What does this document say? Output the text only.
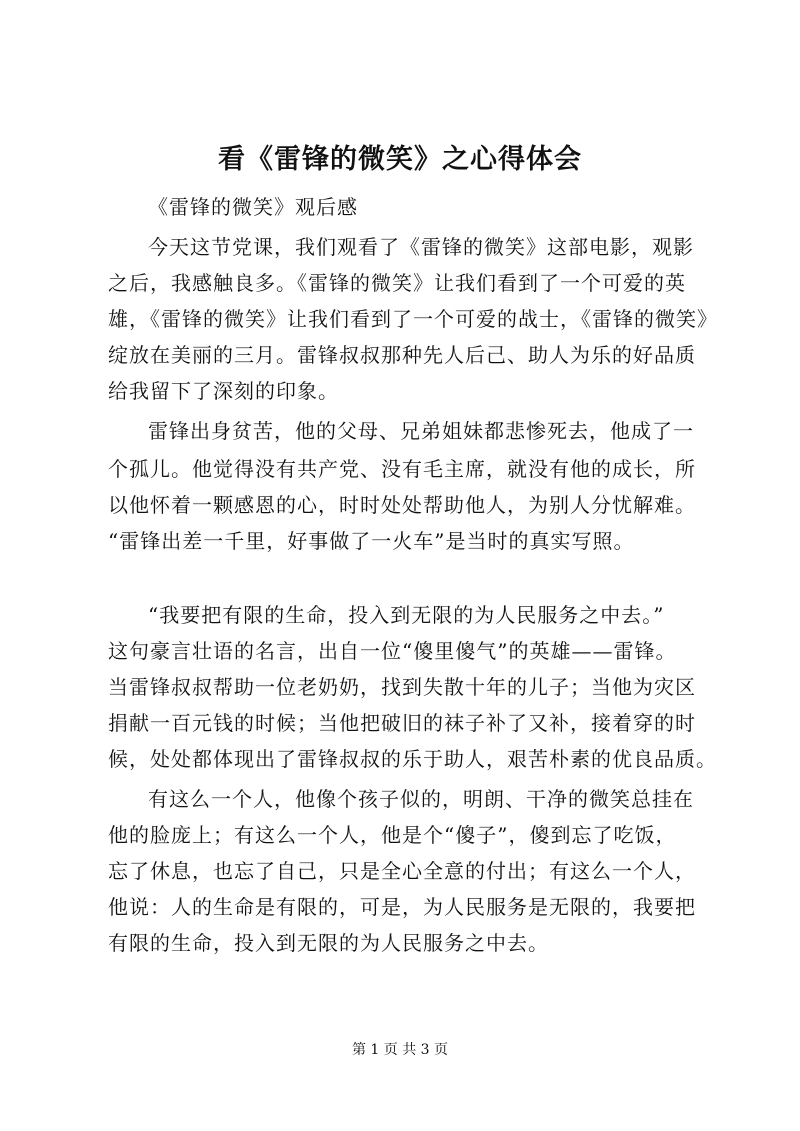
看《雷锋的微笑》之心得体会
《雷锋的微笑》观后感
今天这节党课，我们观看了《雷锋的微笑》这部电影，观影
之后，我感触良多。《雷锋的微笑》让我们看到了一个可爱的英
雄，《雷锋的微笑》让我们看到了一个可爱的战士，《雷锋的微笑》
绽放在美丽的三月。雷锋叔叔那种先人后己、助人为乐的好品质
给我留下了深刻的印象。
雷锋出身贫苦，他的父母、兄弟姐妹都悲惨死去，他成了一
个孤儿。他觉得没有共产党、没有毛主席，就没有他的成长，所
以他怀着一颗感恩的心，时时处处帮助他人，为别人分忧解难。
“雷锋出差一千里，好事做了一火车”是当时的真实写照。
“我要把有限的生命，投入到无限的为人民服务之中去。”
这句豪言壮语的名言，出自一位“傻里傻气”的英雄——雷锋。
当雷锋叔叔帮助一位老奶奶，找到失散十年的儿子；当他为灾区
捐献一百元钱的时候；当他把破旧的袜子补了又补，接着穿的时
候，处处都体现出了雷锋叔叔的乐于助人，艰苦朴素的优良品质。
有这么一个人，他像个孩子似的，明朗、干净的微笑总挂在
他的脸庞上；有这么一个人，他是个“傻子”，傻到忘了吃饭，
忘了休息，也忘了自己，只是全心全意的付出；有这么一个人，
他说：人的生命是有限的，可是，为人民服务是无限的，我要把
有限的生命，投入到无限的为人民服务之中去。
第 1 页 共 3 页
